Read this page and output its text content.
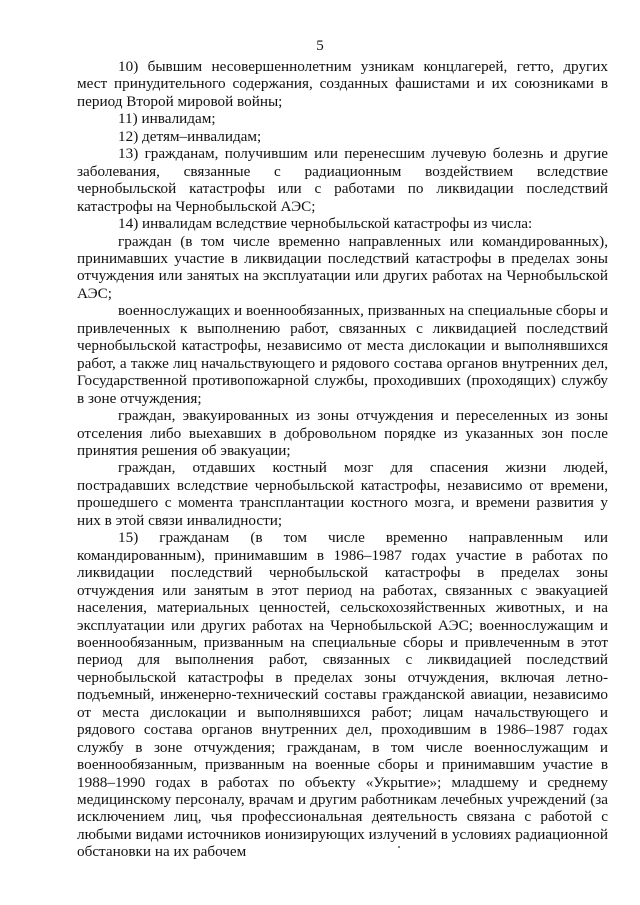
5

10) бывшим несовершеннолетним узникам концлагерей, гетто, других мест принудительного содержания, созданных фашистами и их союзниками в период Второй мировой войны;

11) инвалидам;

12) детям–инвалидам;

13) гражданам, получившим или перенесшим лучевую болезнь и другие заболевания, связанные с радиационным воздействием вследствие чернобыльской катастрофы или с работами по ликвидации последствий катастрофы на Чернобыльской АЭС;

14) инвалидам вследствие чернобыльской катастрофы из числа:

граждан (в том числе временно направленных или командированных), принимавших участие в ликвидации последствий катастрофы в пределах зоны отчуждения или занятых на эксплуатации или других работах на Чернобыльской АЭС;

военнослужащих и военнообязанных, призванных на специальные сборы и привлеченных к выполнению работ, связанных с ликвидацией последствий чернобыльской катастрофы, независимо от места дислокации и выполнявшихся работ, а также лиц начальствующего и рядового состава органов внутренних дел, Государственной противопожарной службы, проходивших (проходящих) службу в зоне отчуждения;

граждан, эвакуированных из зоны отчуждения и переселенных из зоны отселения либо выехавших в добровольном порядке из указанных зон после принятия решения об эвакуации;

граждан, отдавших костный мозг для спасения жизни людей, пострадавших вследствие чернобыльской катастрофы, независимо от времени, прошедшего с момента трансплантации костного мозга, и времени развития у них в этой связи инвалидности;

15) гражданам (в том числе временно направленным или командированным), принимавшим в 1986–1987 годах участие в работах по ликвидации последствий чернобыльской катастрофы в пределах зоны отчуждения или занятым в этот период на работах, связанных с эвакуацией населения, материальных ценностей, сельскохозяйственных животных, и на эксплуатации или других работах на Чернобыльской АЭС; военнослужащим и военнообязанным, призванным на специальные сборы и привлеченным в этот период для выполнения работ, связанных с ликвидацией последствий чернобыльской катастрофы в пределах зоны отчуждения, включая летно-подъемный, инженерно-технический составы гражданской авиации, независимо от места дислокации и выполнявшихся работ; лицам начальствующего и рядового состава органов внутренних дел, проходившим в 1986–1987 годах службу в зоне отчуждения; гражданам, в том числе военнослужащим и военнообязанным, призванным на военные сборы и принимавшим участие в 1988–1990 годах в работах по объекту «Укрытие»; младшему и среднему медицинскому персоналу, врачам и другим работникам лечебных учреждений (за исключением лиц, чья профессиональная деятельность связана с работой с любыми видами источников ионизирующих излучений в условиях радиационной обстановки на их рабочем
